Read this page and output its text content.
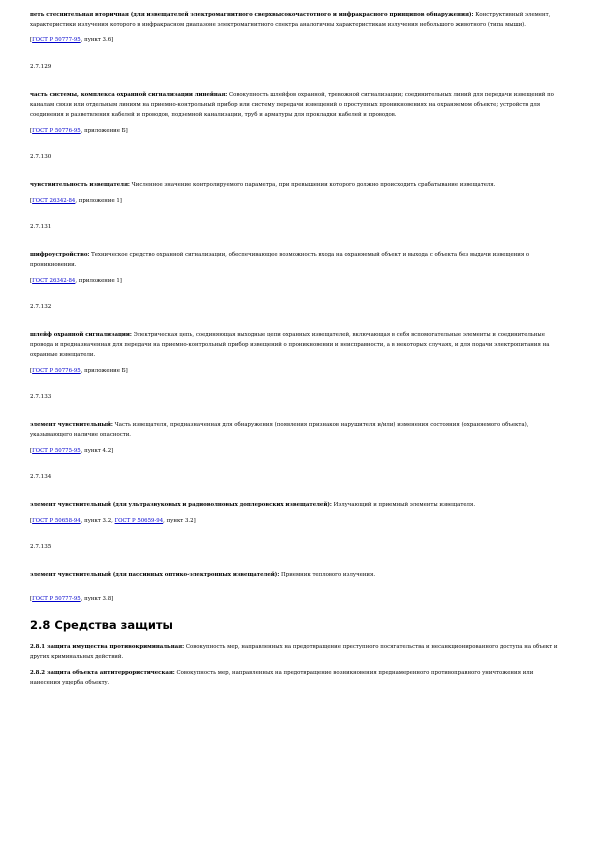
петь стеснительная вторичная (для извещателей электромагнитного сверхвысокочастотного и инфракрасного принципов обнаружения): Конструктивный элемент, характеристики излучения которого в инфракрасном диапазоне электромагнитного спектра аналогичны характеристикам излучения небольшого животного (типа мыши).

[ГОСТ Р 50777-95, пункт 3.6]

2.7.129

часть системы, комплекса охранной сигнализации линейная: Совокупность шлейфов охранной, тревожной сигнализации; соединительных линий для передачи извещений по каналам связи или отдельным линиям на приемно-контрольный прибор или систему передачи извещений о проступных проникновениях на охраняемом объекте; устройств для соединения и разветвления кабелей и проводов, подземной канализации, труб и арматуры для прокладки кабелей и проводов.

[ГОСТ Р 50776-95, приложение Б]

2.7.130

чувствительность извещателя: Численное значение контролируемого параметра, при превышении которого должно происходить срабатывание извещателя.

[ГОСТ 26342-84, приложение 1]

2.7.131

шифроустройство: Техническое средство охранной сигнализации, обеспечивающее возможность входа на охраняемый объект и выхода с объекта без выдачи извещения о проникновении.

[ГОСТ 26342-84, приложение 1]

2.7.132

шлейф охранной сигнализации: Электрическая цепь, соединяющая выходные цепи охранных извещателей, включающая в себя вспомогательные элементы и соединительные провода и предназначенная для передачи на приемно-контрольный прибор извещений о проникновении и неисправности, а в некоторых случаях, и для подачи электропитания на охранные извещатели.

[ГОСТ Р 50776-95, приложение Б]

2.7.133

элемент чувствительный: Часть извещателя, предназначенная для обнаружения (появления признаков нарушителя и/или) изменения состояния (охраняемого объекта), указывающего наличие опасности.

[ГОСТ Р 50775-95, пункт 4.2]

2.7.134

элемент чувствительный (для ультразвуковых и радиоволновых доплеровских извещателей): Излучающий и приемный элементы извещателя.

[ГОСТ Р 50658-94, пункт 3.2, ГОСТ Р 50659-94, пункт 3.2]

2.7.135

элемент чувствительный (для пассивных оптико-электронных извещателей): Приемник теплового излучения.

[ГОСТ Р 50777-95, пункт 3.8]

2.8 Средства защиты

2.8.1 защита имущества противокриминальная: Совокупность мер, направленных на предотвращение преступного посягательства и несанкционированного доступа на объект и других криминальных действий.

2.8.2 защита объекта антитеррористическая: Совокупность мер, направленных на предотвращение возникновения преднамеренного противоправного уничтожения или нанесения ущерба объекту.
